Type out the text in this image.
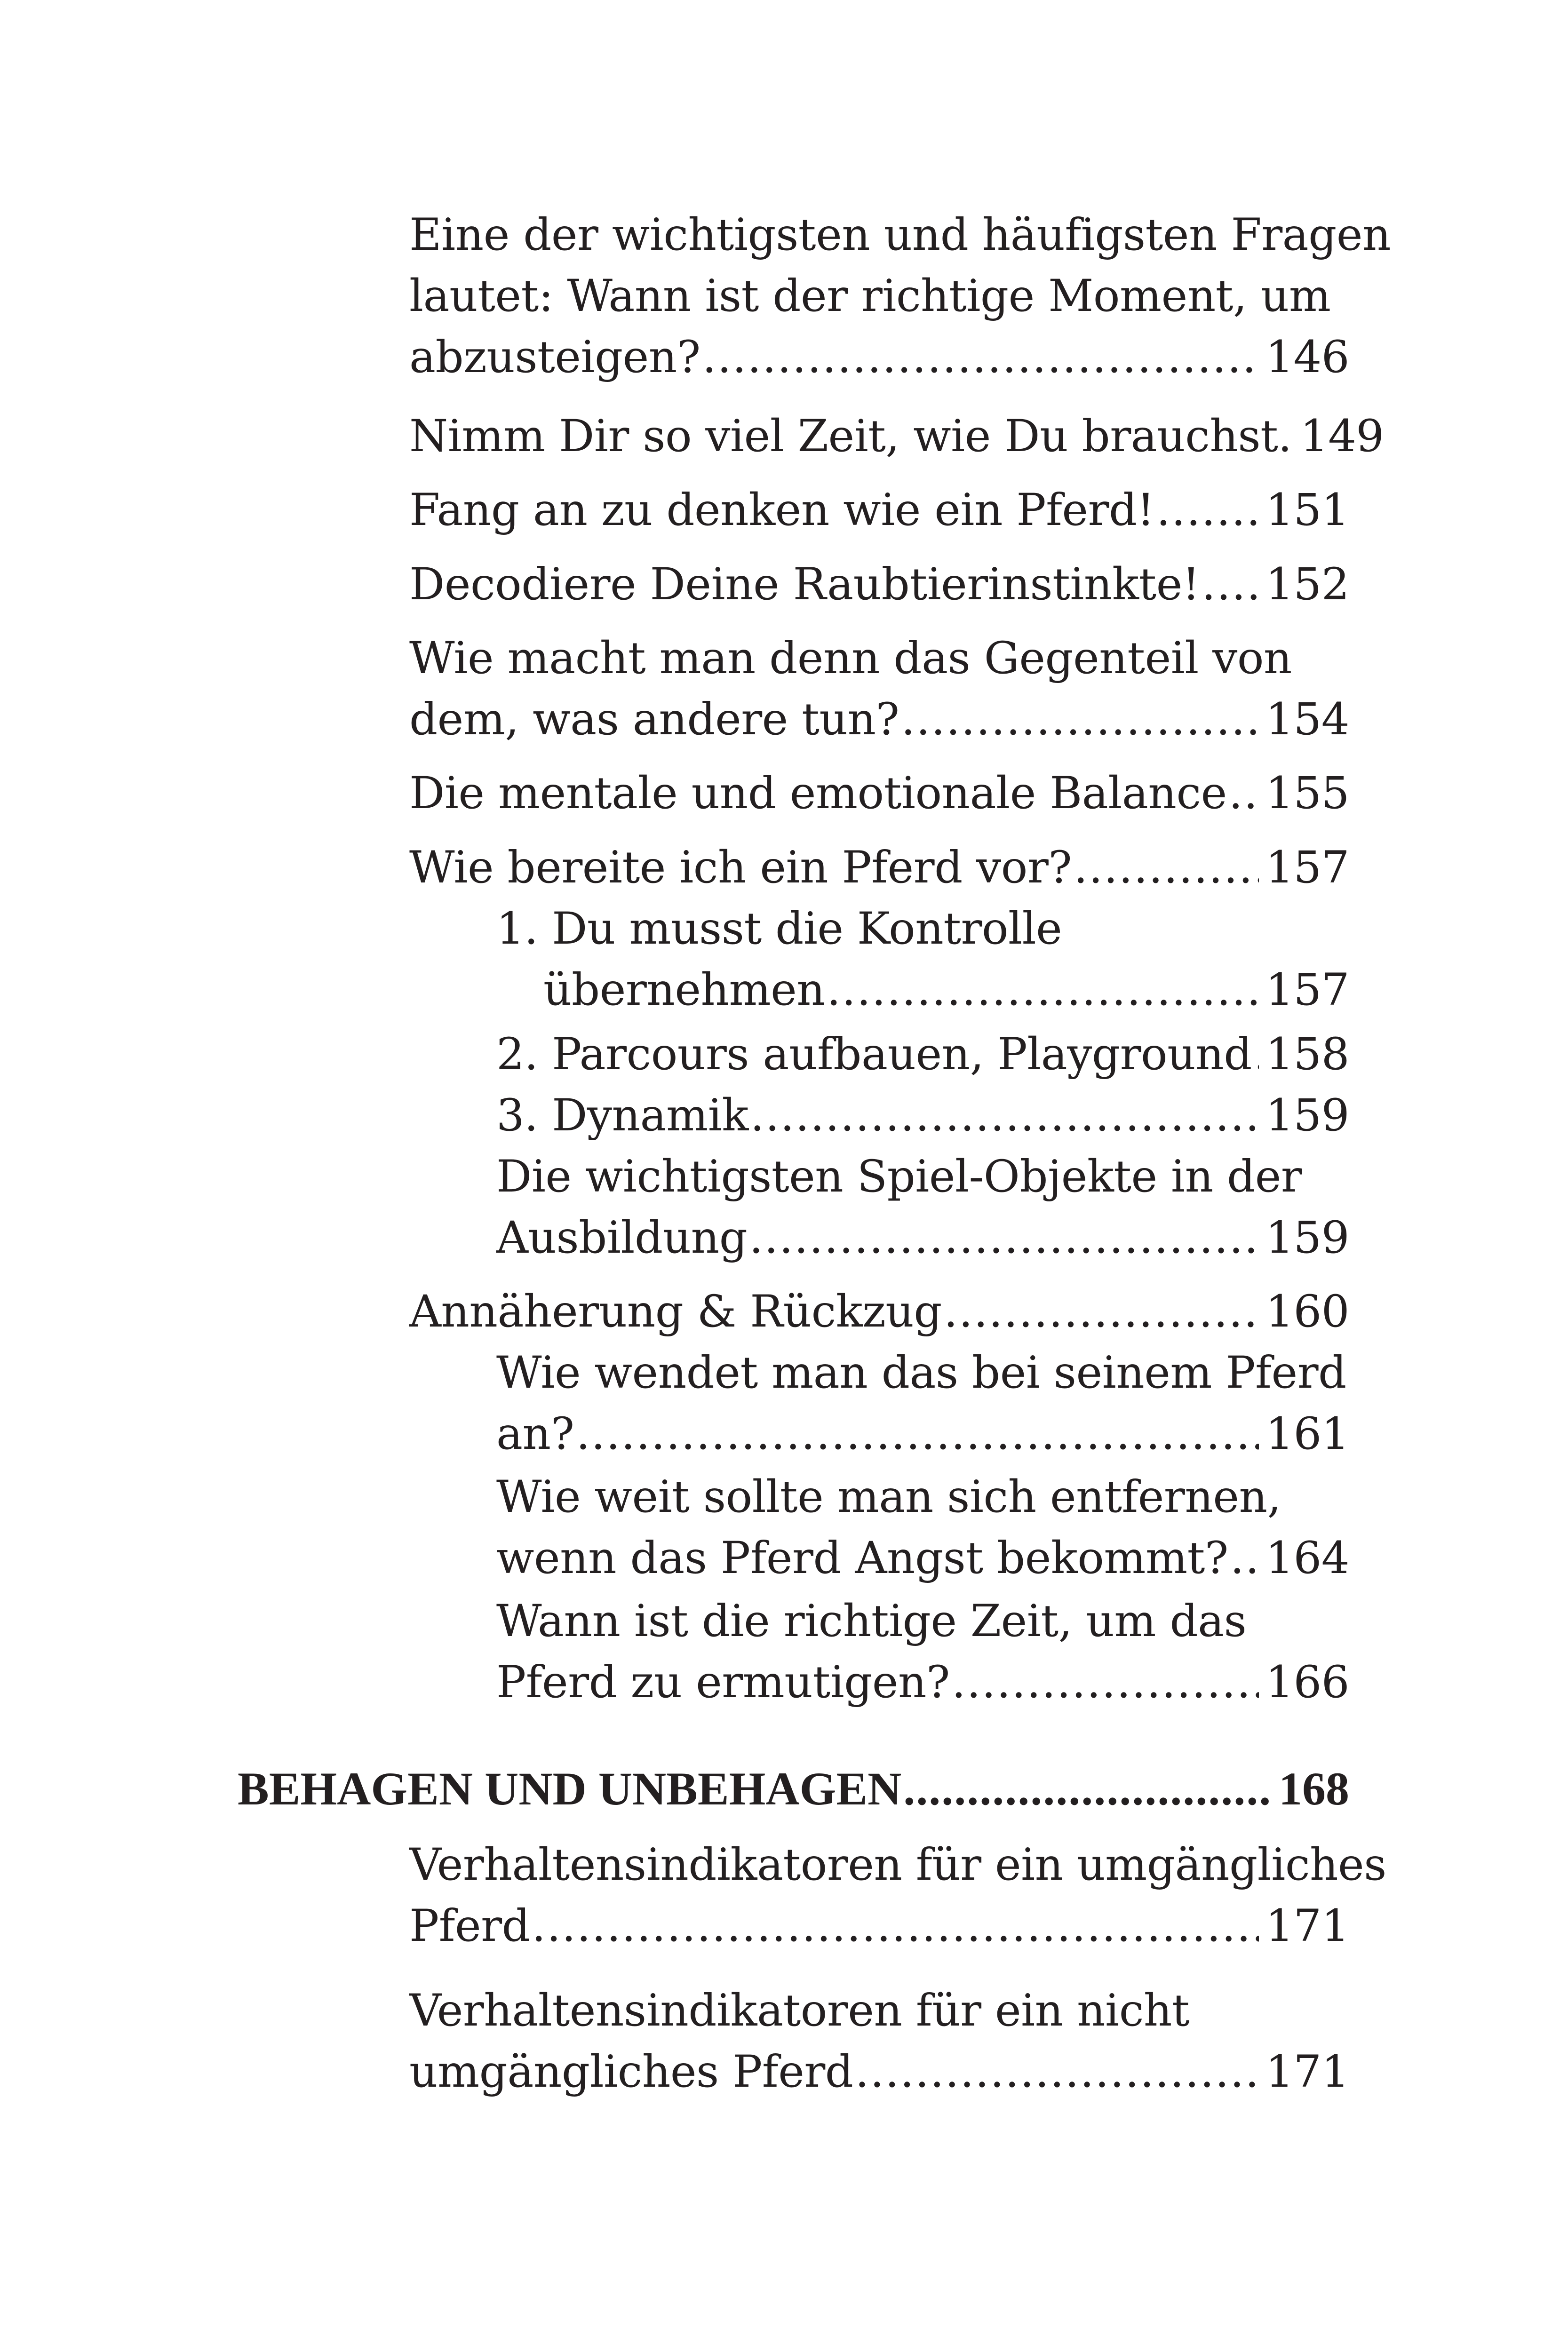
Eine der wichtigsten und häufigsten Fragen
lautet: Wann ist der richtige Moment, um
abzusteigen? .....	146
Nimm Dir so viel Zeit, wie Du brauchst. 149
Fang an zu denken wie ein Pferd! .....	151
Decodiere Deine Raubtierinstinkte! ..... 152
Wie macht man denn das Gegenteil von
dem, was andere tun? .....	154
Die mentale und emotionale Balance ..... 155
Wie bereite ich ein Pferd vor? .....	157
1. Du musst die Kontrolle
übernehmen .....	157
2. Parcours aufbauen, Playground ..... 158
3. Dynamik .....	159
Die wichtigsten Spiel-Objekte in der
Ausbildung .....	159
Annäherung & Rückzug .....	160
Wie wendet man das bei seinem Pferd
an? .....	161
Wie weit sollte man sich entfernen,
wenn das Pferd Angst bekommt? ..... 164
Wann ist die richtige Zeit, um das
Pferd zu ermutigen? .....	166
BEHAGEN UND UNBEHAGEN .....	168
Verhaltensindikatoren für ein umgängliches
Pferd .....	171
Verhaltensindikatoren für ein nicht
umgängliches Pferd .....	171
